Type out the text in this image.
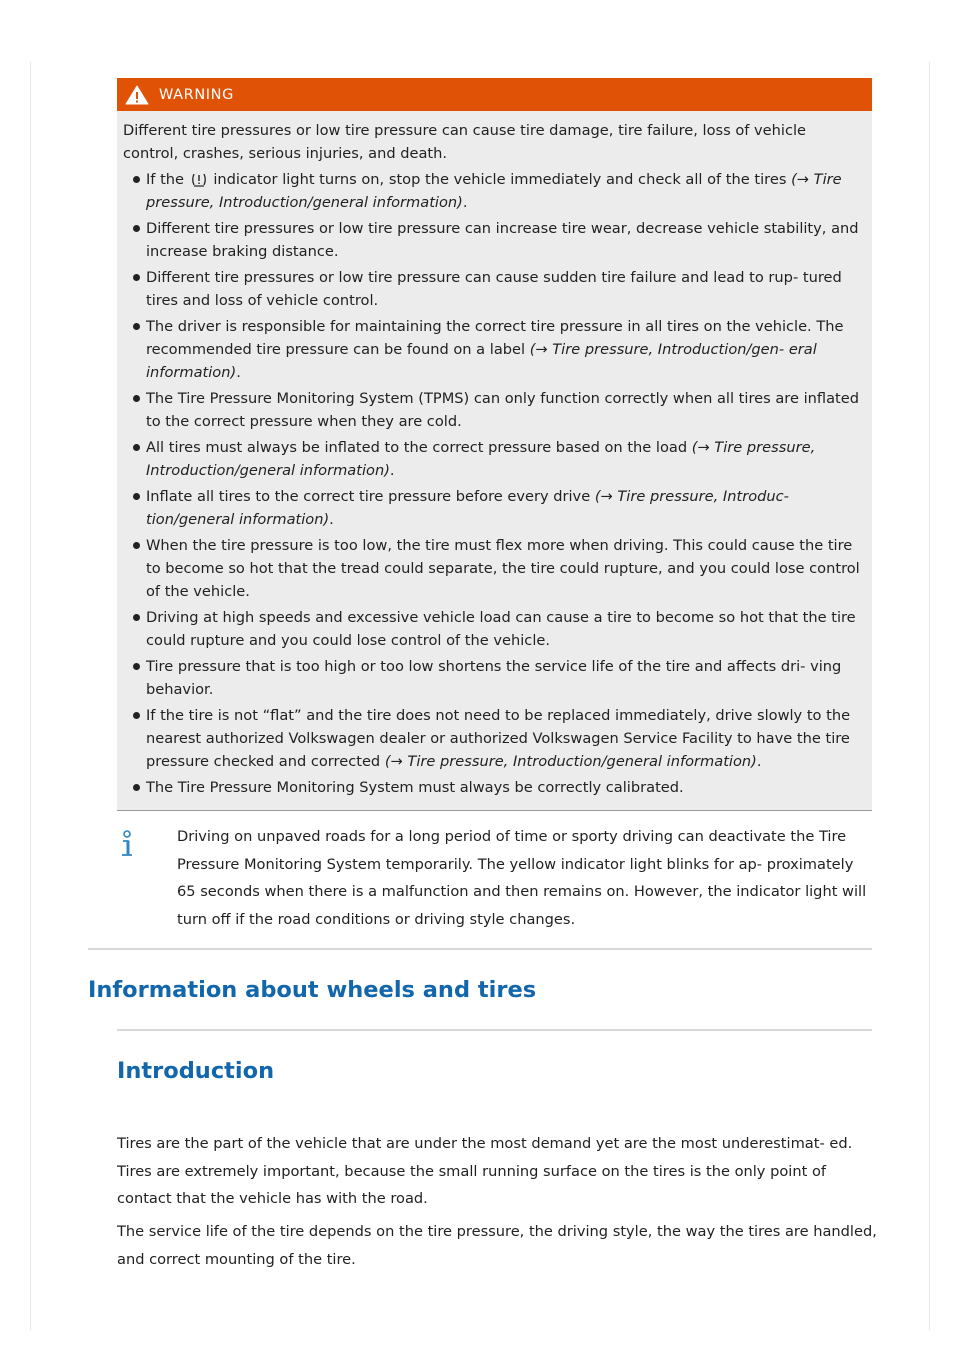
WARNING

Different tire pressures or low tire pressure can cause tire damage, tire failure, loss of vehicle control, crashes, serious injuries, and death.

If the indicator light turns on, stop the vehicle immediately and check all of the tires (→ Tire pressure, Introduction/general information).
Different tire pressures or low tire pressure can increase tire wear, decrease vehicle stability, and increase braking distance.
Different tire pressures or low tire pressure can cause sudden tire failure and lead to rup- tured tires and loss of vehicle control.
The driver is responsible for maintaining the correct tire pressure in all tires on the vehicle. The recommended tire pressure can be found on a label (→ Tire pressure, Introduction/gen- eral information).
The Tire Pressure Monitoring System (TPMS) can only function correctly when all tires are inflated to the correct pressure when they are cold.
All tires must always be inflated to the correct pressure based on the load (→ Tire pressure, Introduction/general information).
Inflate all tires to the correct tire pressure before every drive (→ Tire pressure, Introduc- tion/general information).
When the tire pressure is too low, the tire must flex more when driving. This could cause the tire to become so hot that the tread could separate, the tire could rupture, and you could lose control of the vehicle.
Driving at high speeds and excessive vehicle load can cause a tire to become so hot that the tire could rupture and you could lose control of the vehicle.
Tire pressure that is too high or too low shortens the service life of the tire and affects dri- ving behavior.
If the tire is not “flat” and the tire does not need to be replaced immediately, drive slowly to the nearest authorized Volkswagen dealer or authorized Volkswagen Service Facility to have the tire pressure checked and corrected (→ Tire pressure, Introduction/general information).
The Tire Pressure Monitoring System must always be correctly calibrated.

Driving on unpaved roads for a long period of time or sporty driving can deactivate the Tire Pressure Monitoring System temporarily. The yellow indicator light blinks for ap- proximately 65 seconds when there is a malfunction and then remains on. However, the indicator light will turn off if the road conditions or driving style changes.

Information about wheels and tires
Introduction

Tires are the part of the vehicle that are under the most demand yet are the most underestimat- ed. Tires are extremely important, because the small running surface on the tires is the only point of contact that the vehicle has with the road.

The service life of the tire depends on the tire pressure, the driving style, the way the tires are handled, and correct mounting of the tire.
